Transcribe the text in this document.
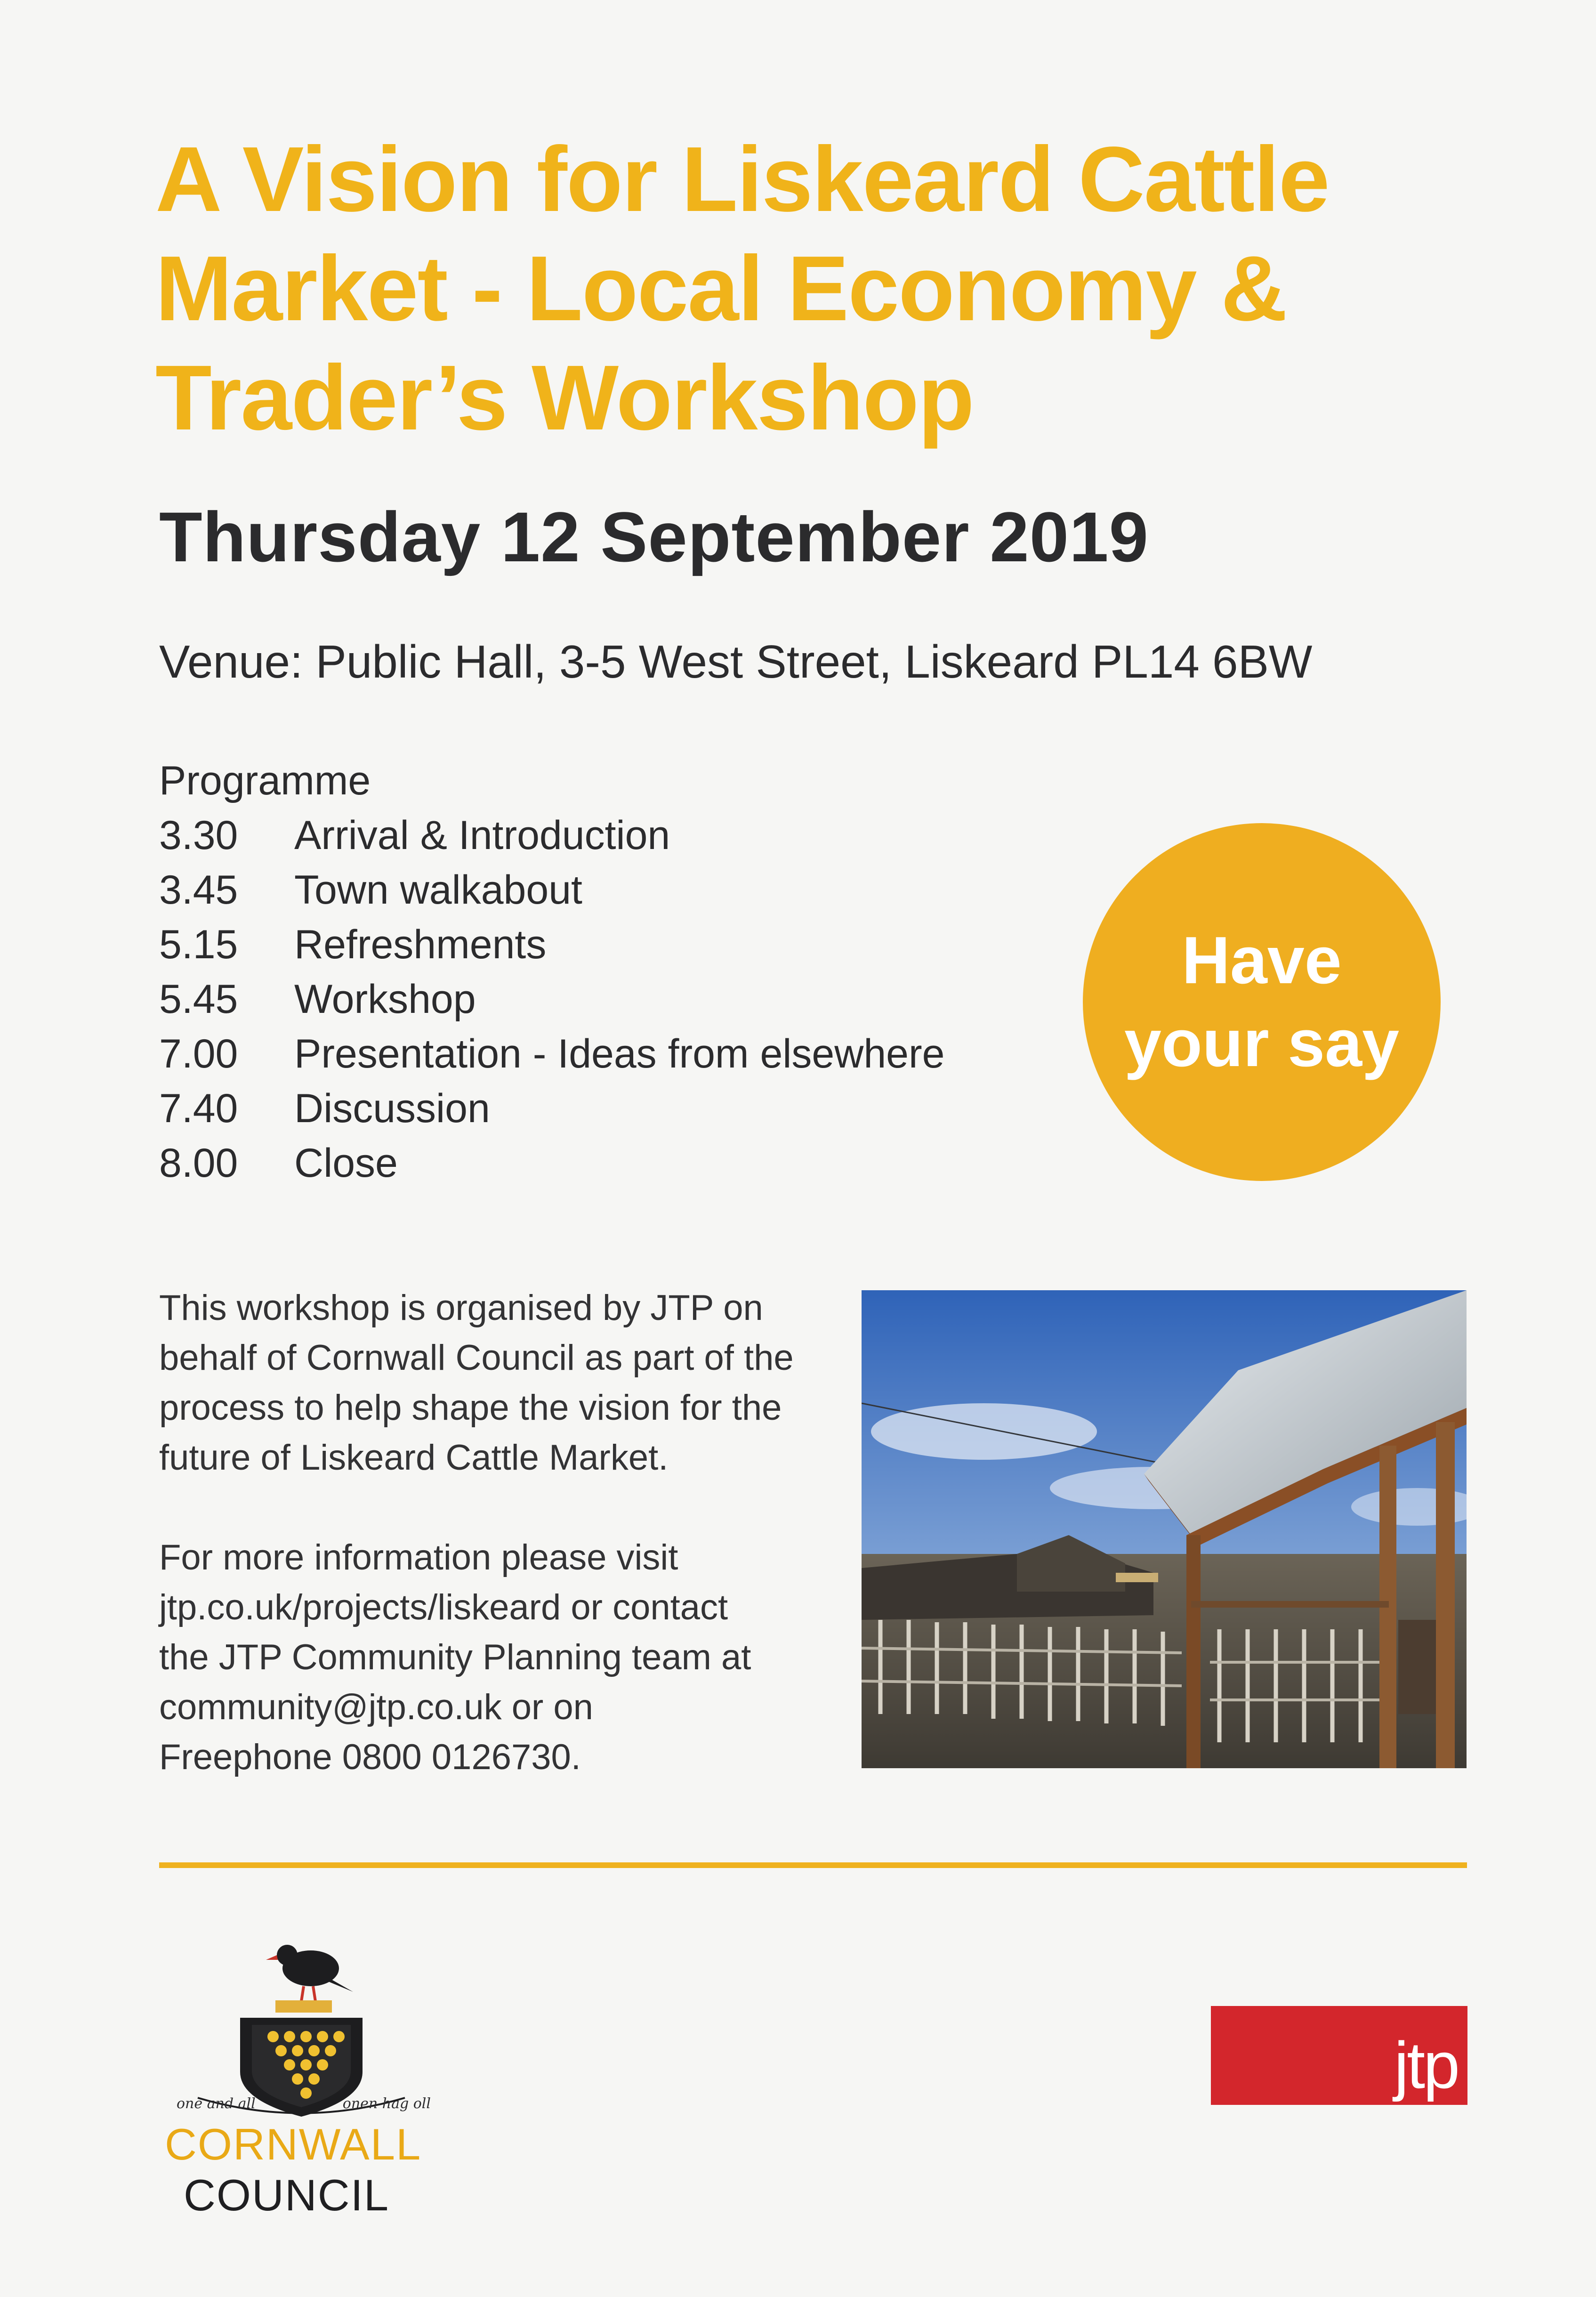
A Vision for Liskeard Cattle
Market - Local Economy &
Trader’s Workshop
Thursday 12 September 2019
Venue: Public Hall, 3-5 West Street, Liskeard PL14 6BW
Programme
3.30	Arrival & Introduction
3.45	Town walkabout
5.15	Refreshments
5.45	Workshop
7.00	Presentation - Ideas from elsewhere
7.40	Discussion
8.00	Close
Have
your say

This workshop is organised by JTP on
behalf of Cornwall Council as part of the
process to help shape the vision for the
future of Liskeard Cattle Market.

For more information please visit
jtp.co.uk/projects/liskeard or contact
the JTP Community Planning team at
community@jtp.co.uk or on
Freephone 0800 0126730.

one and all	onen hag oll
CORNWALL
COUNCIL
jtp
